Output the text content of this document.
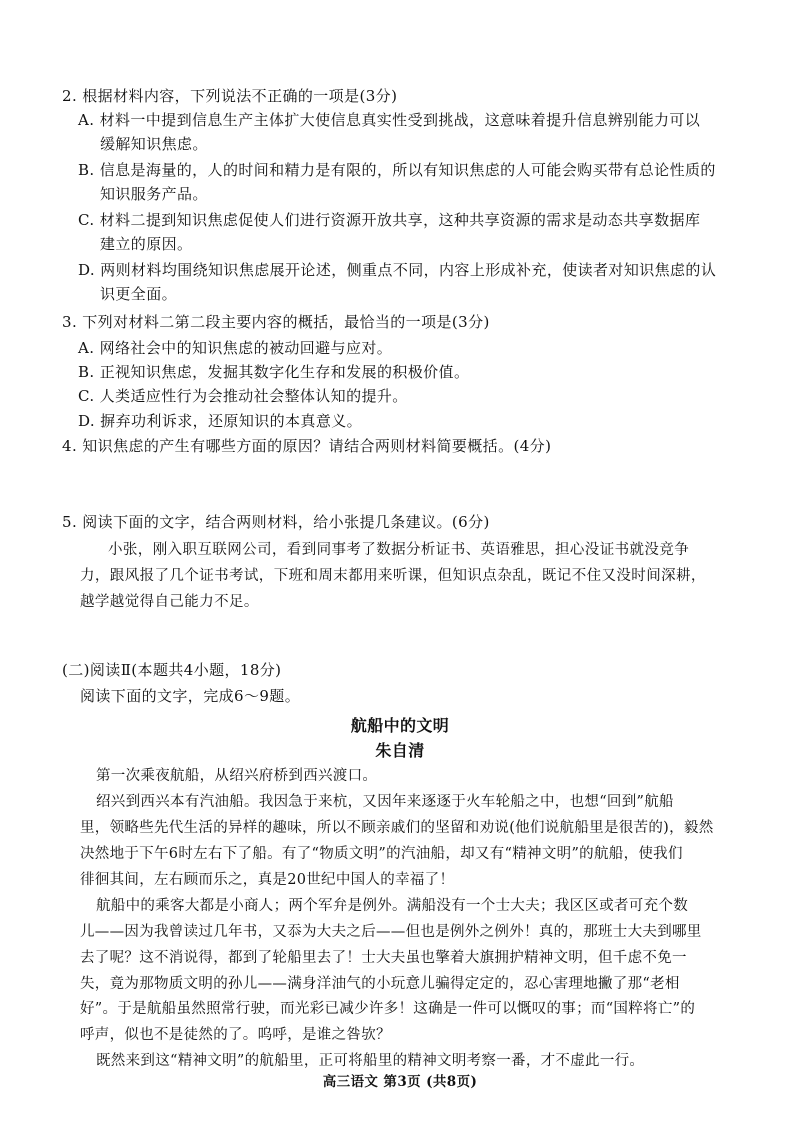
2. 根据材料内容，下列说法不正确的一项是(3分)
A. 材料一中提到信息生产主体扩大使信息真实性受到挑战，这意味着提升信息辨别能力可以
缓解知识焦虑。
B. 信息是海量的，人的时间和精力是有限的，所以有知识焦虑的人可能会购买带有总论性质的
知识服务产品。
C. 材料二提到知识焦虑促使人们进行资源开放共享，这种共享资源的需求是动态共享数据库
建立的原因。
D. 两则材料均围绕知识焦虑展开论述，侧重点不同，内容上形成补充，使读者对知识焦虑的认
识更全面。
3. 下列对材料二第二段主要内容的概括，最恰当的一项是(3分)
A. 网络社会中的知识焦虑的被动回避与应对。
B. 正视知识焦虑，发掘其数字化生存和发展的积极价值。
C. 人类适应性行为会推动社会整体认知的提升。
D. 摒弃功利诉求，还原知识的本真意义。
4. 知识焦虑的产生有哪些方面的原因？请结合两则材料简要概括。(4分)
5. 阅读下面的文字，结合两则材料，给小张提几条建议。(6分)
小张，刚入职互联网公司，看到同事考了数据分析证书、英语雅思，担心没证书就没竞争
力，跟风报了几个证书考试，下班和周末都用来听课，但知识点杂乱，既记不住又没时间深耕，
越学越觉得自己能力不足。
(二)阅读Ⅱ(本题共4小题，18分)
阅读下面的文字，完成6～9题。
航船中的文明
朱自清
第一次乘夜航船，从绍兴府桥到西兴渡口。
绍兴到西兴本有汽油船。我因急于来杭，又因年来逐逐于火车轮船之中，也想“回到”航船
里，领略些先代生活的异样的趣味，所以不顾亲戚们的坚留和劝说(他们说航船里是很苦的)，毅然
决然地于下午6时左右下了船。有了“物质文明”的汽油船，却又有“精神文明”的航船，使我们
徘徊其间，左右顾而乐之，真是20世纪中国人的幸福了！
航船中的乘客大都是小商人；两个军弁是例外。满船没有一个士大夫；我区区或者可充个数
儿——因为我曾读过几年书，又忝为大夫之后——但也是例外之例外！真的，那班士大夫到哪里
去了呢？这不消说得，都到了轮船里去了！士大夫虽也擎着大旗拥护精神文明，但千虑不免一
失，竟为那物质文明的孙儿——满身洋油气的小玩意儿骗得定定的，忍心害理地撇了那“老相
好”。于是航船虽然照常行驶，而光彩已减少许多！这确是一件可以慨叹的事；而“国粹将亡”的
呼声，似也不是徒然的了。呜呼，是谁之咎欤？
既然来到这“精神文明”的航船里，正可将船里的精神文明考察一番，才不虚此一行。
高三语文 第3页 (共8页)
